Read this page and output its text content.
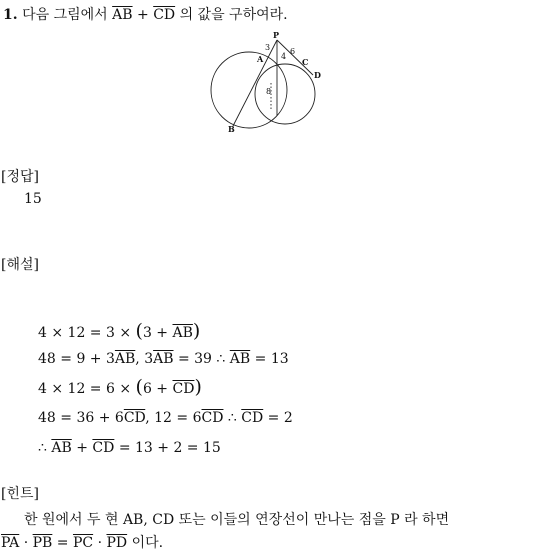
1. 다음 그림에서 $\overline{AB} + \overline{CD}$ 의 값을 구하여라.
P
A
B
C
D
3 6
4
8
[정답]
15
[해설]
$4 \times 12 = 3 \times (3 + \overline{AB})$
$48 = 9 + 3\overline{AB}$, $3\overline{AB} = 39$ ∴ $\overline{AB} = 13$
$4 \times 12 = 6 \times (6 + \overline{CD})$
$48 = 36 + 6\overline{CD}$, $12 = 6\overline{CD}$ ∴ $\overline{CD} = 2$
∴ $\overline{AB} + \overline{CD} = 13 + 2 = 15$
[힌트]
한 원에서 두 현 AB, CD 또는 이들의 연장선이 만나는 점을 P 라 하면
$\overline{PA} \cdot \overline{PB} = \overline{PC} \cdot \overline{PD}$ 이다.
